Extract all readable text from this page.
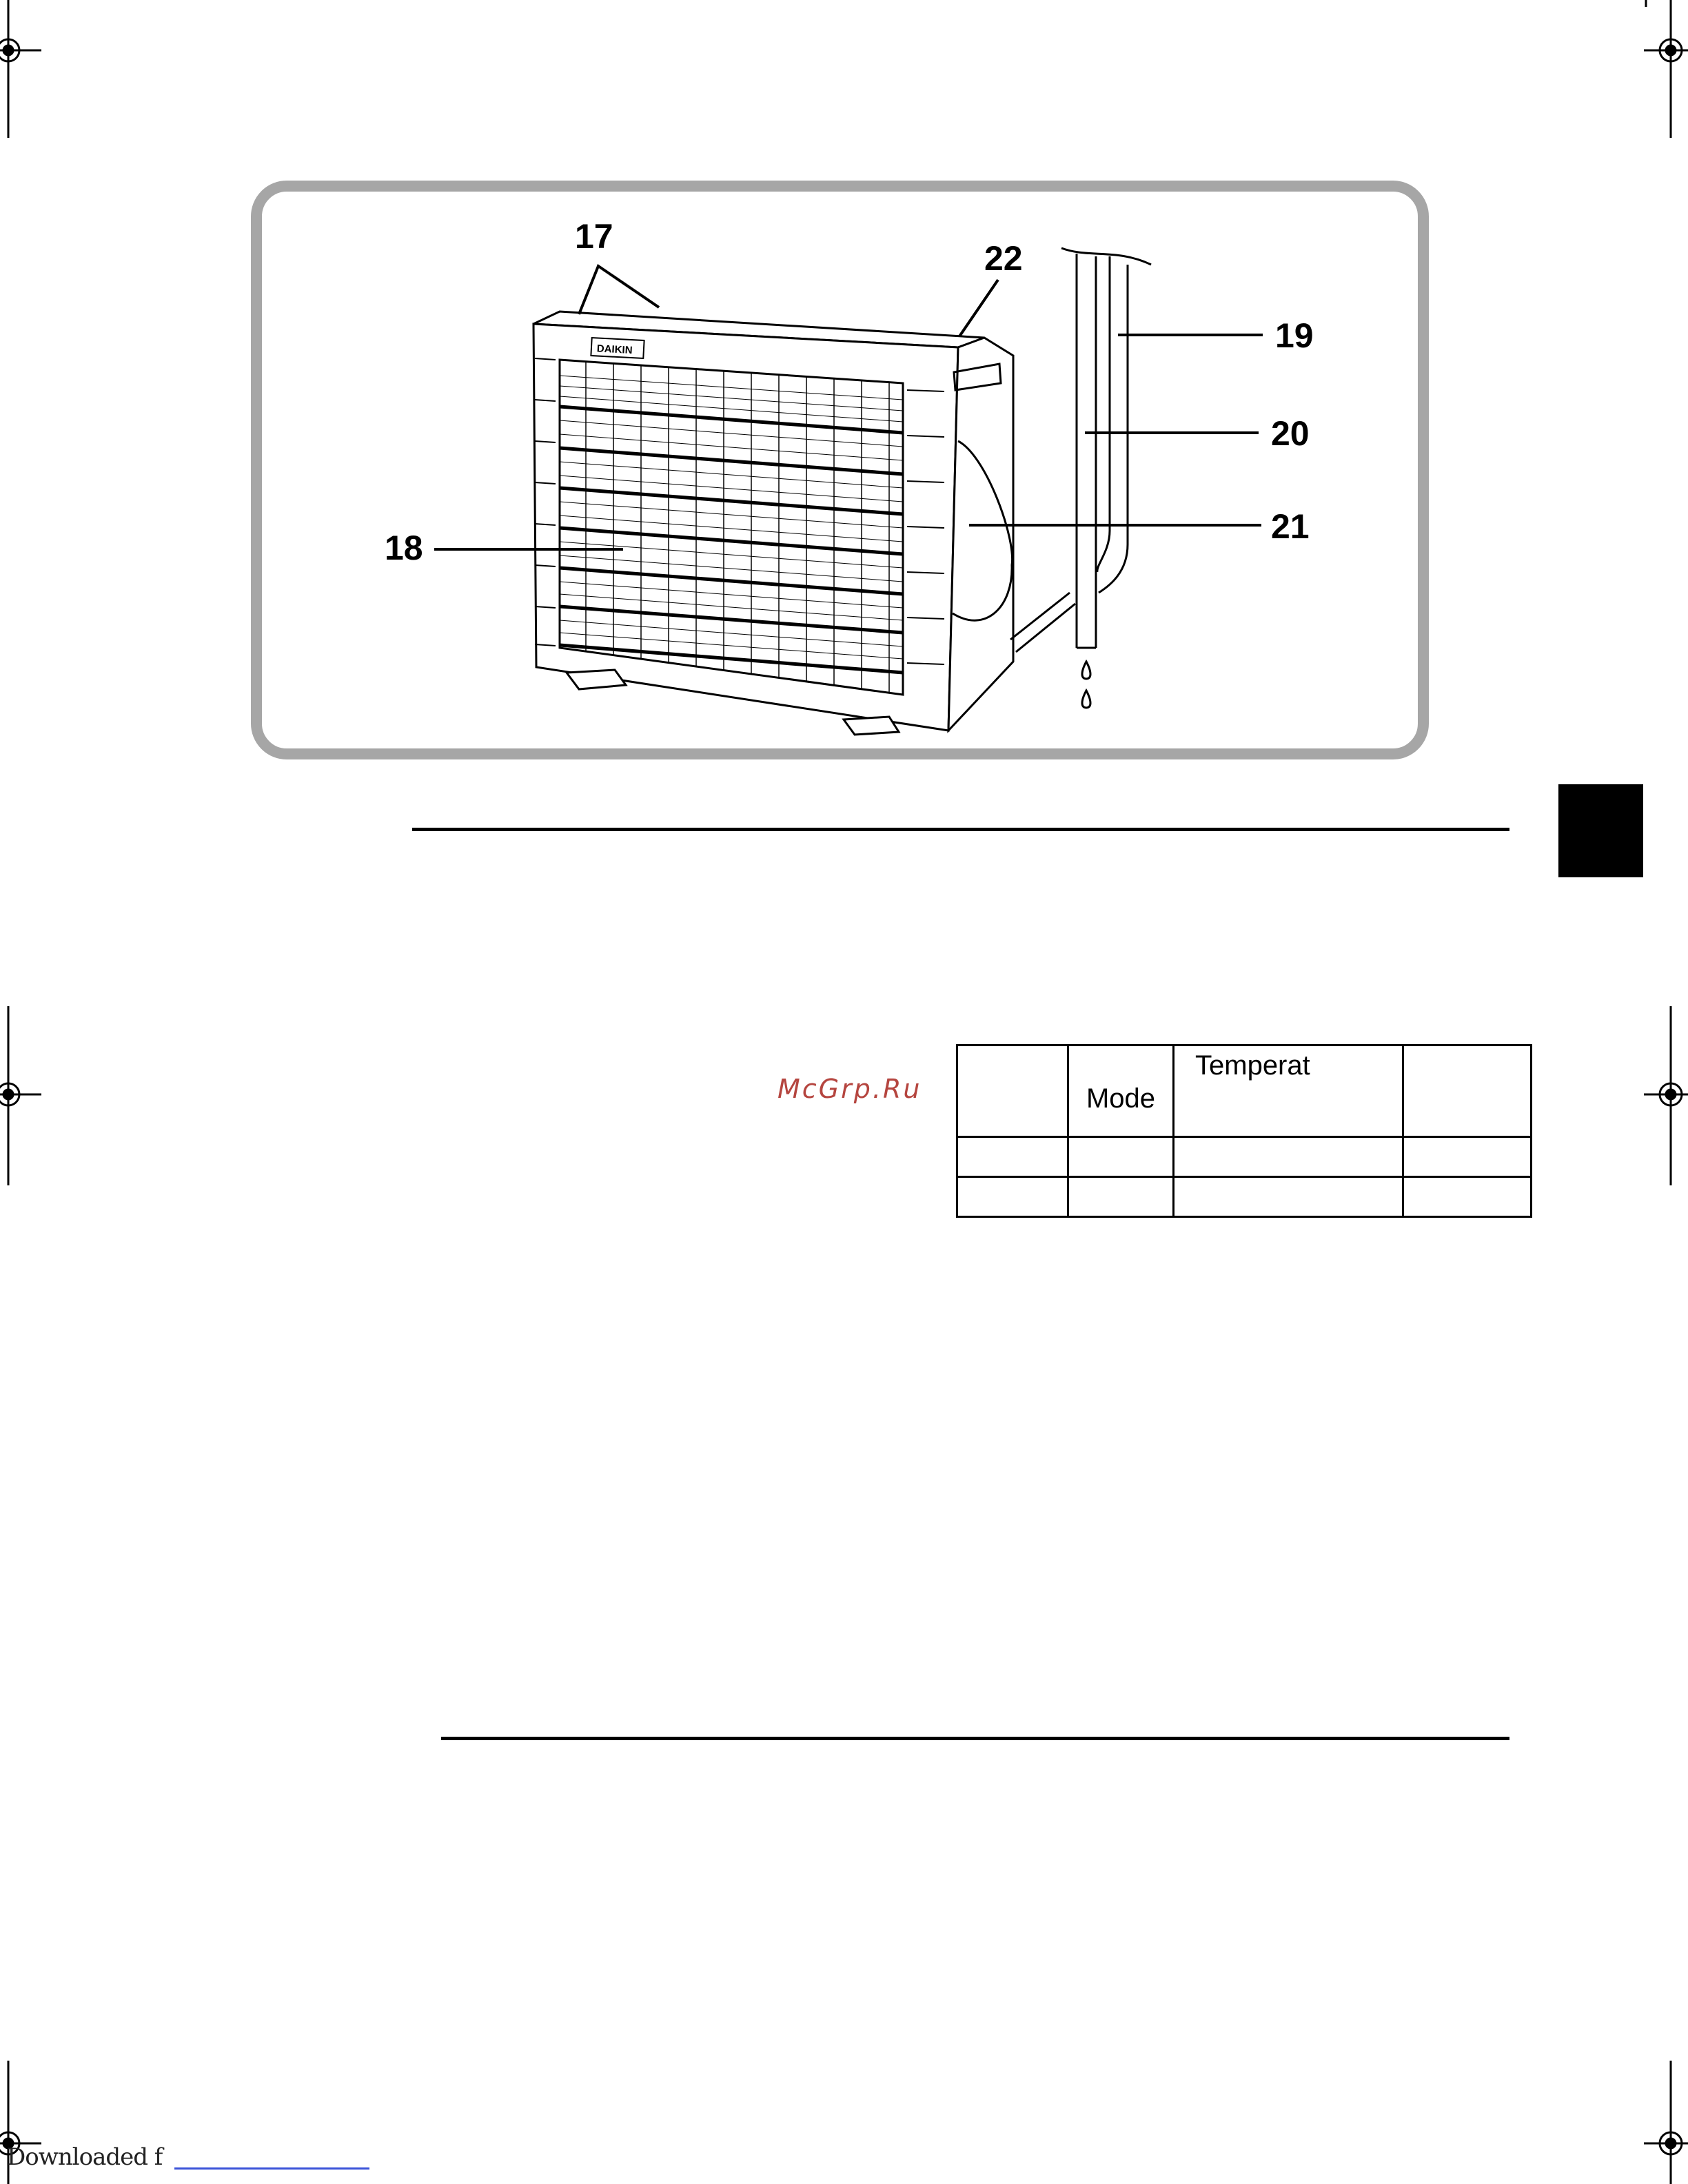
DAIKIN
17
22
19
20
21
18
McGrp.Ru
		Mode	Temperat	

Downloaded f
